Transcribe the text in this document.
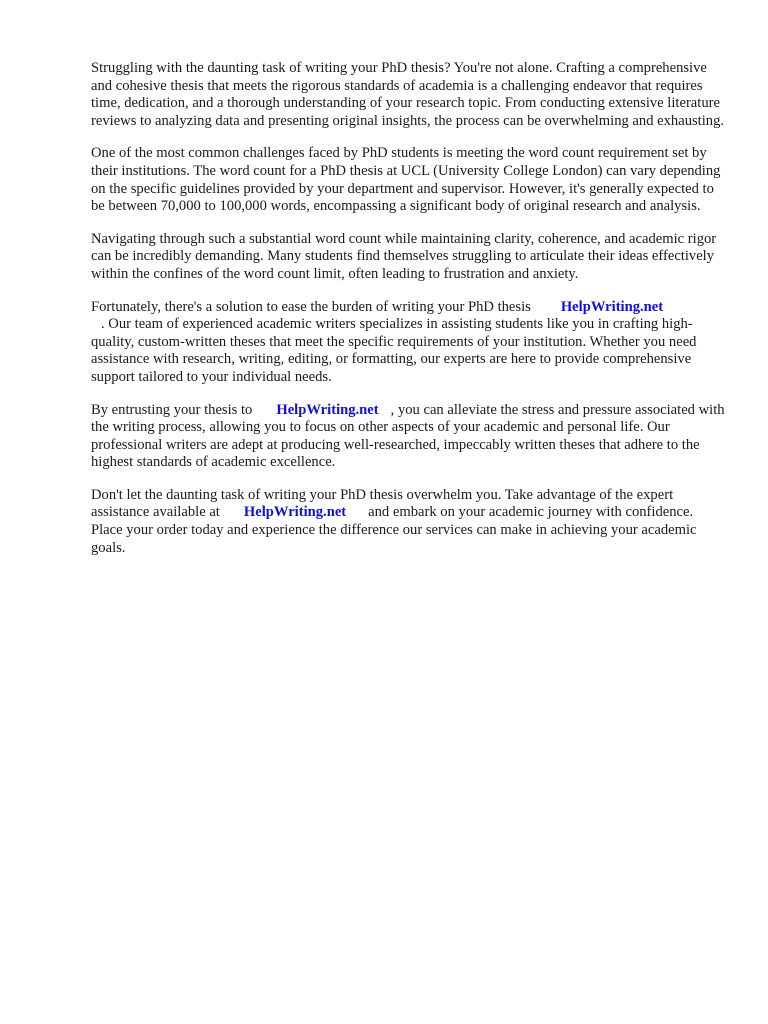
Struggling with the daunting task of writing your PhD thesis? You're not alone. Crafting a comprehensive and cohesive thesis that meets the rigorous standards of academia is a challenging endeavor that requires time, dedication, and a thorough understanding of your research topic. From conducting extensive literature reviews to analyzing data and presenting original insights, the process can be overwhelming and exhausting.

One of the most common challenges faced by PhD students is meeting the word count requirement set by their institutions. The word count for a PhD thesis at UCL (University College London) can vary depending on the specific guidelines provided by your department and supervisor. However, it's generally expected to be between 70,000 to 100,000 words, encompassing a significant body of original research and analysis.

Navigating through such a substantial word count while maintaining clarity, coherence, and academic rigor can be incredibly demanding. Many students find themselves struggling to articulate their ideas effectively within the confines of the word count limit, often leading to frustration and anxiety.

Fortunately, there's a solution to ease the burden of writing your PhD thesis HelpWriting.net
. Our team of experienced academic writers specializes in assisting students like you in crafting high-quality, custom-written theses that meet the specific requirements of your institution. Whether you need assistance with research, writing, editing, or formatting, our experts are here to provide comprehensive support tailored to your individual needs.

By entrusting your thesis to HelpWriting.net , you can alleviate the stress and pressure associated with the writing process, allowing you to focus on other aspects of your academic and personal life. Our professional writers are adept at producing well-researched, impeccably written theses that adhere to the highest standards of academic excellence.

Don't let the daunting task of writing your PhD thesis overwhelm you. Take advantage of the expert assistance available at HelpWriting.net and embark on your academic journey with confidence. Place your order today and experience the difference our services can make in achieving your academic goals.
